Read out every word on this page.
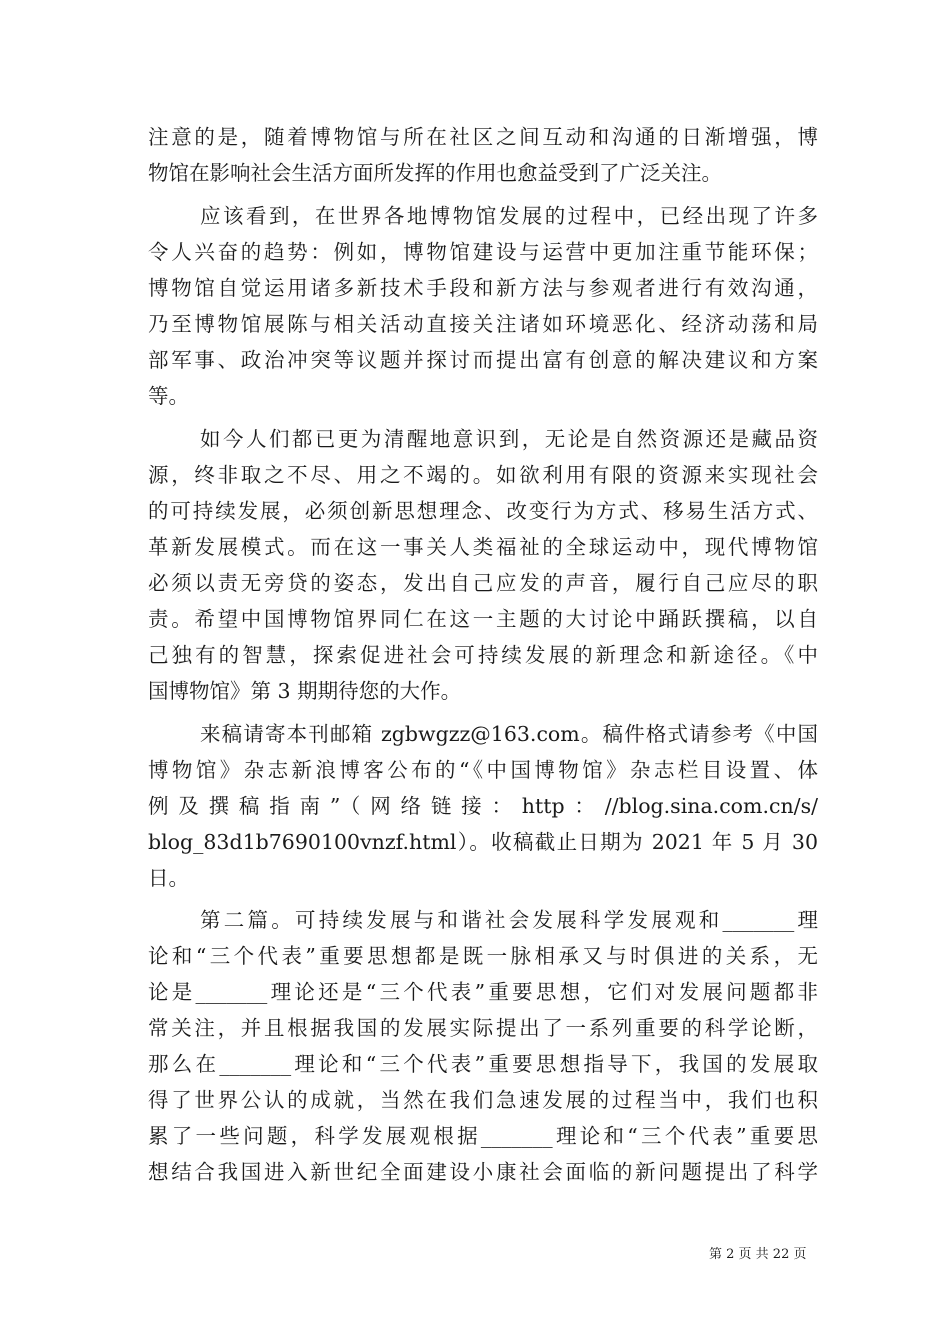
注意的是，随着博物馆与所在社区之间互动和沟通的日渐增强，博
物馆在影响社会生活方面所发挥的作用也愈益受到了广泛关注。
应该看到，在世界各地博物馆发展的过程中，已经出现了许多
令人兴奋的趋势：例如，博物馆建设与运营中更加注重节能环保；
博物馆自觉运用诸多新技术手段和新方法与参观者进行有效沟通，
乃至博物馆展陈与相关活动直接关注诸如环境恶化、经济动荡和局
部军事、政治冲突等议题并探讨而提出富有创意的解决建议和方案
等。
如今人们都已更为清醒地意识到，无论是自然资源还是藏品资
源，终非取之不尽、用之不竭的。如欲利用有限的资源来实现社会
的可持续发展，必须创新思想理念、改变行为方式、移易生活方式、
革新发展模式。而在这一事关人类福祉的全球运动中，现代博物馆
必须以责无旁贷的姿态，发出自己应发的声音，履行自己应尽的职
责。希望中国博物馆界同仁在这一主题的大讨论中踊跃撰稿，以自
己独有的智慧，探索促进社会可持续发展的新理念和新途径。《中
国博物馆》第 3 期期待您的大作。
来稿请寄本刊邮箱 zgbwgzz@163.com。稿件格式请参考《中国
博物馆》杂志新浪博客公布的“《中国博物馆》杂志栏目设置、体
例及撰稿指南”（网络链接：http：//blog.sina.com.cn/s/
blog_83d1b7690100vnzf.html）。收稿截止日期为 2021 年 5 月 30
日。
第二篇。可持续发展与和谐社会发展科学发展观和_______理
论和“三个代表”重要思想都是既一脉相承又与时俱进的关系，无
论是_______理论还是“三个代表”重要思想，它们对发展问题都非
常关注，并且根据我国的发展实际提出了一系列重要的科学论断，
那么在_______理论和“三个代表”重要思想指导下，我国的发展取
得了世界公认的成就，当然在我们急速发展的过程当中，我们也积
累了一些问题，科学发展观根据_______理论和“三个代表”重要思
想结合我国进入新世纪全面建设小康社会面临的新问题提出了科学
第 2 页 共 22 页
